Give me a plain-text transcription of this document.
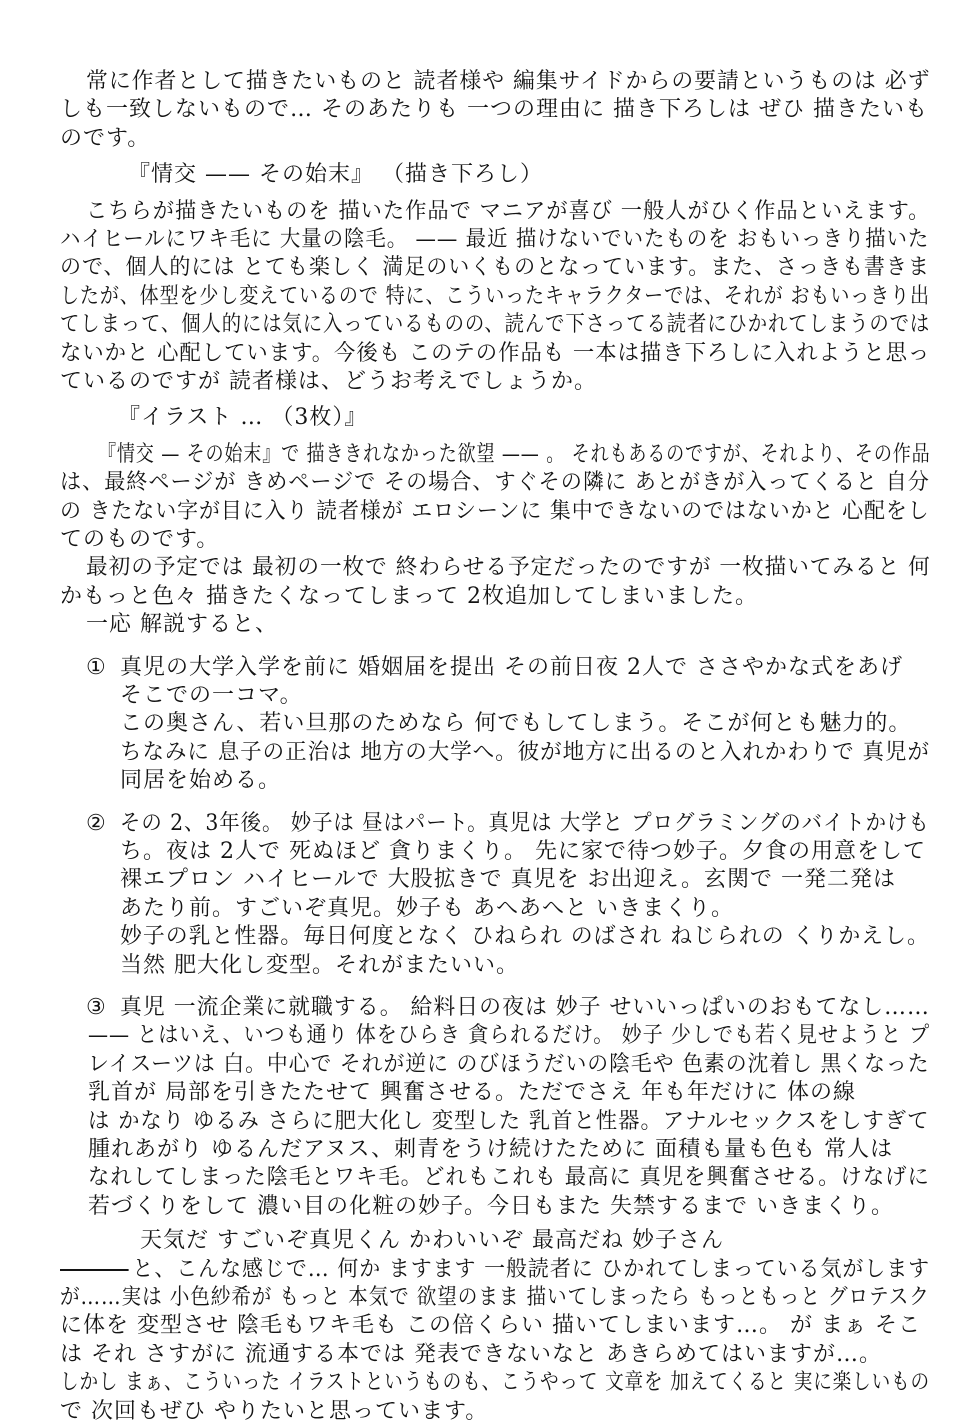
常に作者として描きたいものと 読者様や 編集サイドからの要請というものは 必ず
しも一致しないもので… そのあたりも 一つの理由に 描き下ろしは ぜひ 描きたいも
のです。
『情交 —— その始末』 （描き下ろし）
こちらが描きたいものを 描いた作品で マニアが喜び 一般人がひく作品といえます。
ハイヒールにワキ毛に 大量の陰毛。 —— 最近 描けないでいたものを おもいっきり描いた
ので、個人的には とても楽しく 満足のいくものとなっています。また、さっきも書きま
したが、体型を少し変えているので 特に、こういったキャラクターでは、それが おもいっきり出
てしまって、個人的には気に入っているものの、読んで下さってる読者にひかれてしまうのでは
ないかと 心配しています。今後も このテの作品も 一本は描き下ろしに入れようと思っ
ているのですが 読者様は、どうお考えでしょうか。
『イラスト … （3枚）』
『情交 — その始末』で 描ききれなかった欲望 —— 。 それもあるのですが、それより、その作品
は、最終ページが きめページで その場合、すぐその隣に あとがきが入ってくると 自分
の きたない字が目に入り 読者様が エロシーンに 集中できないのではないかと 心配をし
てのものです。
最初の予定では 最初の一枚で 終わらせる予定だったのですが 一枚描いてみると 何
かもっと色々 描きたくなってしまって 2枚追加してしまいました。
一応 解説すると、
① 真児の大学入学を前に 婚姻届を提出 その前日夜 2人で ささやかな式をあげ
そこでの一コマ。
この奥さん、若い旦那のためなら 何でもしてしまう。そこが何とも魅力的。
ちなみに 息子の正治は 地方の大学へ。彼が地方に出るのと入れかわりで 真児が
同居を始める。
② その 2、3年後。 妙子は 昼はパート。真児は 大学と プログラミングのバイトかけも
ち。夜は 2人で 死ぬほど 貪りまくり。 先に家で待つ妙子。夕食の用意をして
裸エプロン ハイヒールで 大股拡きで 真児を お出迎え。玄関で 一発二発は
あたり前。すごいぞ真児。妙子も あへあへと いきまくり。
妙子の乳と性器。毎日何度となく ひねられ のばされ ねじられの くりかえし。
当然 肥大化し変型。それがまたいい。
③ 真児 一流企業に就職する。 給料日の夜は 妙子 せいいっぱいのおもてなし……
—— とはいえ、いつも通り 体をひらき 貪られるだけ。 妙子 少しでも若く見せようと プ
レイスーツは 白。中心で それが逆に のびほうだいの陰毛や 色素の沈着し 黒くなった
乳首が 局部を引きたたせて 興奮させる。ただでさえ 年も年だけに 体の線
は かなり ゆるみ さらに肥大化し 変型した 乳首と性器。アナルセックスをしすぎて
腫れあがり ゆるんだアヌス、刺青をうけ続けたために 面積も量も色も 常人は
なれしてしまった陰毛とワキ毛。どれもこれも 最高に 真児を興奮させる。けなげに
若づくりをして 濃い目の化粧の妙子。今日もまた 失禁するまで いきまくり。
天気だ すごいぞ真児くん かわいいぞ 最高だね 妙子さん
と、こんな感じで… 何か ますます 一般読者に ひかれてしまっている気がします
が……実は 小色紗希が もっと 本気で 欲望のまま 描いてしまったら もっともっと グロテスク
に体を 変型させ 陰毛もワキ毛も この倍くらい 描いてしまいます…。 が まぁ そこ
は それ さすがに 流通する本では 発表できないなと あきらめてはいますが…。
しかし まぁ、こういった イラストというものも、こうやって 文章を 加えてくると 実に楽しいもの
で 次回もぜひ やりたいと思っています。
